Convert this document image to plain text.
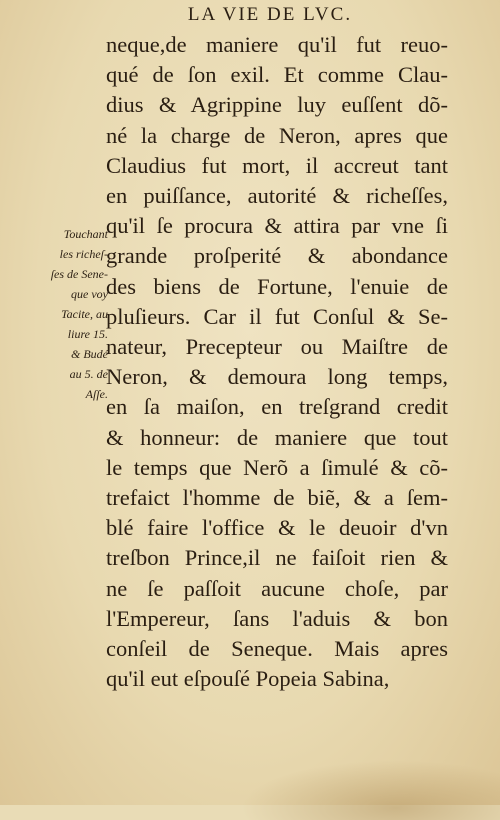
LA VIE DE LVC.
neque,de maniere qu'il fut reuo-
qué de ſon exil. Et comme Clau-
dius & Agrippine luy euſſent dõ-
né la charge de Neron, apres que
Claudius fut mort, il accreut tant
en puiſſance, autorité & richeſſes,
qu'il ſe procura & attira par vne ſi
grande proſperité & abondance
des biens de Fortune, l'enuie de
pluſieurs. Car il fut Conſul & Se-
nateur, Precepteur ou Maiſtre de
Neron, & demoura long temps,
en ſa maiſon, en treſgrand credit
& honneur: de maniere que tout
le temps que Nerõ a ſimulé & cõ-
trefaict l'homme de biẽ, & a ſem-
blé faire l'office & le deuoir d'vn
treſbon Prince,il ne faiſoit rien &
ne ſe paſſoit aucune choſe, par
l'Empereur, ſans l'aduis & bon
conſeil de Seneque. Mais apres
qu'il eut eſpouſé Popeia Sabina,
Touchant
les richeſ-
ſes de Sene-
que voy
Tacite, au
liure 15.
& Budé
au 5. de
Aſſe.
